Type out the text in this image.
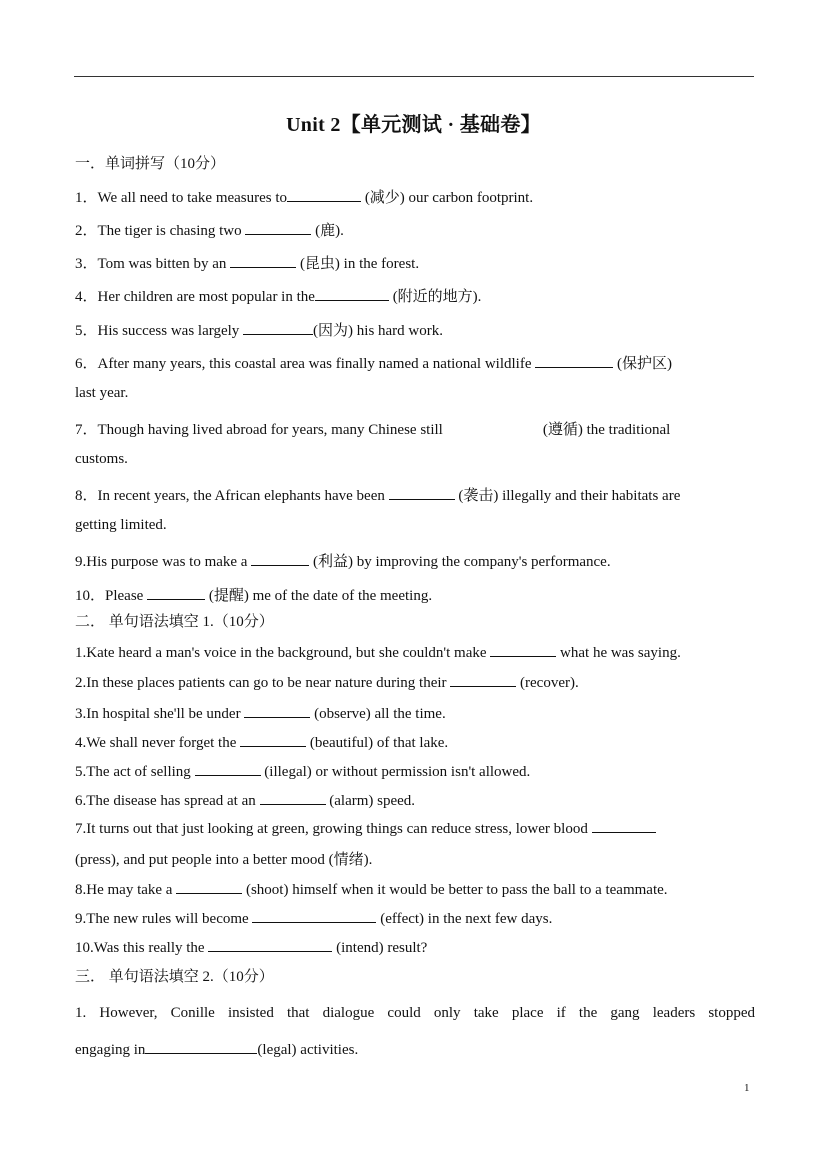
Unit 2【单元测试 · 基础卷】
一．单词拼写（10分）
1．We all need to take measures to	(减少) our carbon footprint.
2．The tiger is chasing two	(鹿).
3．Tom was bitten by an	(昆虫) in the forest.
4．Her children are most popular in the	(附近的地方).
5．His success was largely	(因为) his hard work.
6．After many years, this coastal area was finally named a national wildlife	(保护区)
last year.
7．Though having lived abroad for years, many Chinese still	(遵循) the traditional
customs.
8．In recent years, the African elephants have been	(袭击) illegally and their habitats are
getting limited.
9.His purpose was to make a	(利益) by improving the company's performance.
10．Please	(提醒) me of the date of the meeting.
二． 单句语法填空 1.（10分）
1.Kate heard a man's voice in the background, but she couldn't make	what he was saying.
2.In these places patients can go to be near nature during their	(recover).
3.In hospital she'll be under	(observe) all the time.
4.We shall never forget the	(beautiful) of that lake.
5.The act of selling	(illegal) or without permission isn't allowed.
6.The disease has spread at an	(alarm) speed.
7.It turns out that just looking at green, growing things can reduce stress, lower blood
(press), and put people into a better mood (情绪).
8.He may take a	(shoot) himself when it would be better to pass the ball to a teammate.
9.The new rules will become	(effect) in the next few days.
10.Was this really the	(intend) result?
三． 单句语法填空 2.（10分）
1. However, Conille insisted that dialogue could only take place if the gang leaders stopped
engaging in	(legal) activities.
1
